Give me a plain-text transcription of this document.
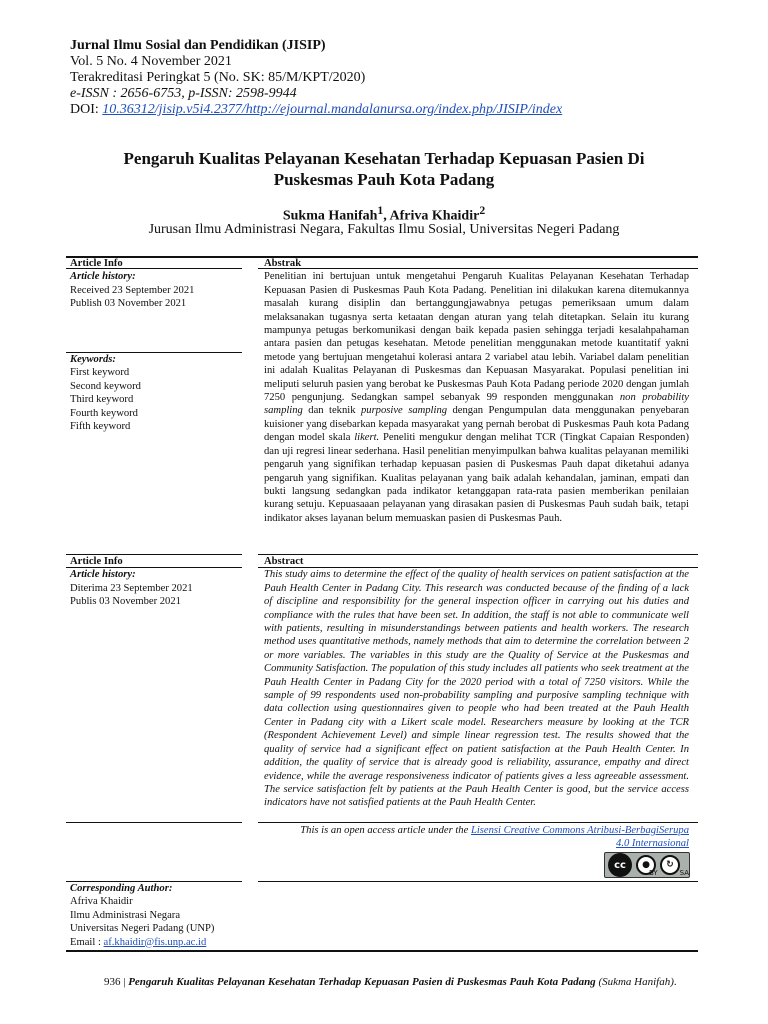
Jurnal Ilmu Sosial dan Pendidikan (JISIP)
Vol. 5 No. 4 November 2021
Terakreditasi Peringkat 5 (No. SK: 85/M/KPT/2020)
e-ISSN : 2656-6753, p-ISSN: 2598-9944
DOI: 10.36312/jisip.v5i4.2377/http://ejournal.mandalanursa.org/index.php/JISIP/index
Pengaruh Kualitas Pelayanan Kesehatan Terhadap Kepuasan Pasien Di
Puskesmas Pauh Kota Padang
Sukma Hanifah$^1$, Afriva Khaidir$^2$
Jurusan Ilmu Administrasi Negara, Fakultas Ilmu Sosial, Universitas Negeri Padang
Article Info
Article history:
Received 23 September 2021
Publish 03 November 2021
Keywords:
First keyword
Second keyword
Third keyword
Fourth keyword
Fifth keyword
Abstrak
Penelitian ini bertujuan untuk mengetahui Pengaruh Kualitas Pelayanan Kesehatan Terhadap Kepuasan Pasien di Puskesmas Pauh Kota Padang. Penelitian ini dilakukan karena ditemukannya masalah kurang disiplin dan bertanggungjawabnya petugas pemeriksaan umum dalam melaksanakan tugasnya serta ketaatan dengan aturan yang telah ditetapkan. Selain itu kurang mampunya petugas berkomunikasi dengan baik kepada pasien sehingga terjadi kesalahpahaman antara pasien dan petugas kesehatan. Metode penelitian menggunakan metode kuantitatif yakni metode yang bertujuan mengetahui kolerasi antara 2 variabel atau lebih. Variabel dalam penelitian ini adalah Kualitas Pelayanan di Puskesmas dan Kepuasan Masyarakat. Populasi penelitian ini meliputi seluruh pasien yang berobat ke Puskesmas Pauh Kota Padang periode 2020 dengan jumlah 7250 pengunjung. Sedangkan sampel sebanyak 99 responden menggunakan non probability sampling dan teknik purposive sampling dengan Pengumpulan data menggunakan penyebaran kuisioner yang disebarkan kepada masyarakat yang pernah berobat di Puskesmas Pauh kota Padang dengan model skala likert. Peneliti mengukur dengan melihat TCR (Tingkat Capaian Responden) dan uji regresi linear sederhana. Hasil penelitian menyimpulkan bahwa kualitas pelayanan memiliki pengaruh yang signifikan terhadap kepuasan pasien di Puskesmas Pauh dapat diketahui adanya pengaruh yang signifikan. Kualitas pelayanan yang baik adalah kehandalan, jaminan, empati dan bukti langsung sedangkan pada indikator ketanggapan rata-rata pasien memberikan penilaian kurang setuju. Kepuasaaan pelayanan yang dirasakan pasien di Puskesmas Pauh sudah baik, tetapi indikator akses layanan belum memuaskan pasien di Puskesmas Pauh.
Article Info
Article history:
Diterima 23 September 2021
Publis 03 November 2021
Abstract
This study aims to determine the effect of the quality of health services on patient satisfaction at the Pauh Health Center in Padang City. This research was conducted because of the finding of a lack of discipline and responsibility for the general inspection officer in carrying out his duties and compliance with the rules that have been set. In addition, the staff is not able to communicate well with patients, resulting in misunderstandings between patients and health workers. The research method uses quantitative methods, namely methods that aim to determine the correlation between 2 or more variables. The variables in this study are the Quality of Service at the Puskesmas and Community Satisfaction. The population of this study includes all patients who seek treatment at the Pauh Health Center in Padang City for the 2020 period with a total of 7250 visitors. While the sample of 99 respondents used non-probability sampling and purposive sampling technique with data collection using questionnaires given to people who had been treated at the Pauh Health Center in Padang city with a Likert scale model. Researchers measure by looking at the TCR (Respondent Achievement Level) and simple linear regression test. The results showed that the quality of service had a significant effect on patient satisfaction at the Pauh Health Center. In addition, the quality of service that is already good is reliability, assurance, empathy and direct evidence, while the average responsiveness indicator of patients gives a less agreeable assessment. The service satisfaction felt by patients at the Pauh Health Center is good, but the service access indicators have not satisfied patients at the Pauh Health Center.
This is an open access article under the Lisensi Creative Commons Atribusi-BerbagiSerupa
4.0 Internasional
cc	●	↻
BY	SA
Corresponding Author:
Afriva Khaidir
Ilmu Administrasi Negara
Universitas Negeri Padang (UNP)
Email : af.khaidir@fis.unp.ac.id
936 | Pengaruh Kualitas Pelayanan Kesehatan Terhadap Kepuasan Pasien di Puskesmas Pauh Kota Padang (Sukma Hanifah).
